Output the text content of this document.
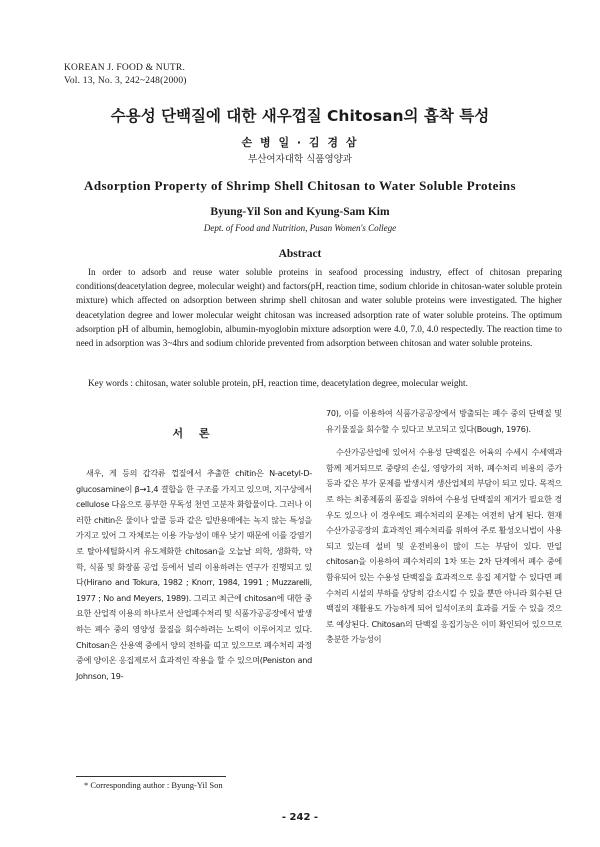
KOREAN J. FOOD & NUTR.
Vol. 13, No. 3, 242~248(2000)
수용성 단백질에 대한 새우껍질 Chitosan의 흡착 특성
손 병 일 · 김 경 삼
부산여자대학 식품영양과
Adsorption Property of Shrimp Shell Chitosan to Water Soluble Proteins
Byung-Yil Son and Kyung-Sam Kim
Dept. of Food and Nutrition, Pusan Women's College
Abstract

In order to adsorb and reuse water soluble proteins in seafood processing industry, effect of chitosan preparing conditions(deacetylation degree, molecular weight) and factors(pH, reaction time, sodium chloride in chitosan-water soluble protein mixture) which affected on adsorption between shrimp shell chitosan and water soluble proteins were investigated. The higher deacetylation degree and lower molecular weight chitosan was increased adsorption rate of water soluble proteins. The optimum adsorption pH of albumin, hemoglobin, albumin-myoglobin mixture adsorption were 4.0, 7.0, 4.0 respectedly. The reaction time to need in adsorption was 3~4hrs and sodium chloride prevented from adsorption between chitosan and water soluble proteins.

Key words : chitosan, water soluble protein, pH, reaction time, deacetylation degree, molecular weight.
서 론

새우, 게 등의 갑각류 껍질에서 추출한 chitin은 N-acetyl-D-glucosamine이 β→1,4 결합을 한 구조를 가지고 있으며, 지구상에서 cellulose 다음으로 풍부한 무독성 천연 고분자 화합물이다. 그러나 이러한 chitin은 물이나 알콜 등과 같은 일반용매에는 녹지 않는 특성을 가지고 있어 그 자체로는 이용 가능성이 매우 낮기 때문에 이를 강염기로 탈아세틸화시켜 유도체화한 chitosan을 오늘날 의학, 생화학, 약학, 식품 및 화장품 공업 등에서 널리 이용하려는 연구가 진행되고 있다(Hirano and Tokura, 1982 ; Knorr, 1984, 1991 ; Muzzarelli, 1977 ; No and Meyers, 1989). 그리고 최근에 chitosan에 대한 중요한 산업적 이용의 하나로서 산업폐수처리 및 식품가공공장에서 발생하는 폐수 중의 영양성 물질을 회수하려는 노력이 이루어지고 있다. Chitosan은 산용액 중에서 양의 전하를 띠고 있으므로 폐수처리 과정 중에 양이온 응집제로서 효과적인 작용을 할 수 있으며(Peniston and Johnson, 19-

70), 이를 이용하여 식품가공공장에서 방출되는 폐수 중의 단백질 및 유기물질을 회수할 수 있다고 보고되고 있다(Bough, 1976).

수산가공산업에 있어서 수용성 단백질은 어육의 수세시 수세액과 함께 제거되므로 중량의 손실, 영양가의 저하, 폐수처리 비용의 증가 등과 같은 부가 문제를 발생시켜 생산업체의 부담이 되고 있다. 목적으로 하는 최종제품의 품질을 위하여 수용성 단백질의 제거가 필요한 경우도 있으나 이 경우에도 폐수처리의 문제는 여전히 남게 된다. 현재 수산가공공장의 효과적인 폐수처리를 위하여 주로 활성오니법이 사용되고 있는데 설비 및 운전비용이 많이 드는 부담이 있다. 만일 chitosan을 이용하여 폐수처리의 1차 또는 2차 단계에서 폐수 중에 함유되어 있는 수용성 단백질을 효과적으로 응집 제거할 수 있다면 폐수처리 시설의 부하를 상당히 감소시킬 수 있을 뿐만 아니라 회수된 단백질의 재활용도 가능하게 되어 일석이조의 효과를 거둘 수 있을 것으로 예상된다. Chitosan의 단백질 응집기능은 이미 확인되어 있으므로 충분한 가능성이

* Corresponding author : Byung-Yil Son
- 242 -
